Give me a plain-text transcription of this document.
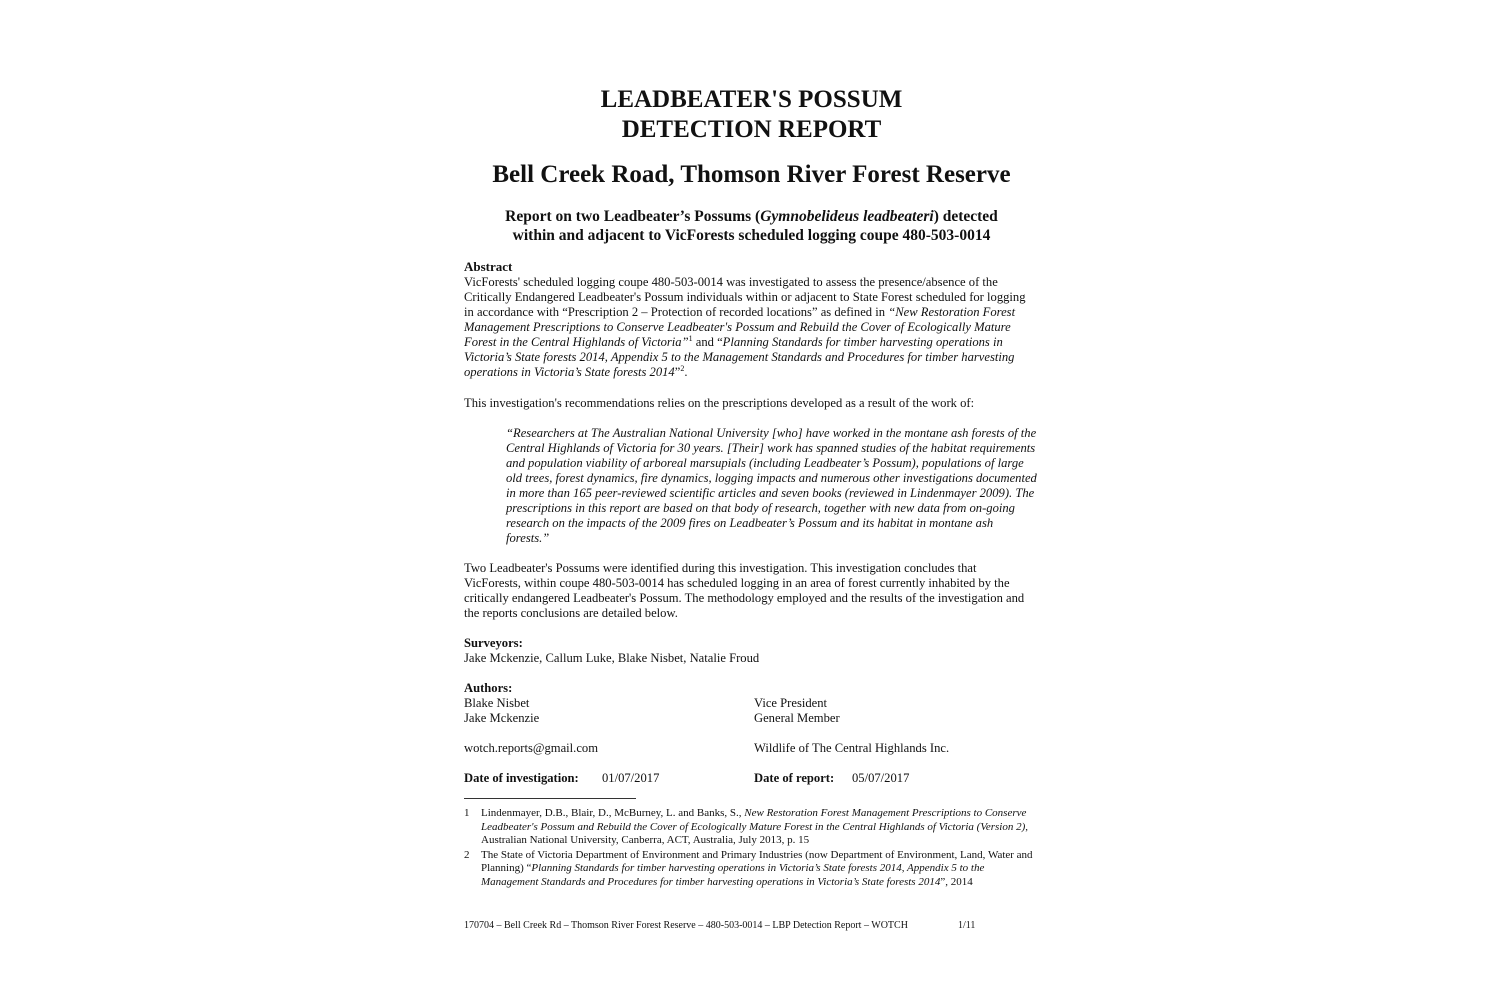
LEADBEATER'S POSSUM
DETECTION REPORT
Bell Creek Road, Thomson River Forest Reserve
Report on two Leadbeater’s Possums (Gymnobelideus leadbeateri) detected
within and adjacent to VicForests scheduled logging coupe 480-503-0014
Abstract

VicForests' scheduled logging coupe 480-503-0014 was investigated to assess the presence/absence of the Critically Endangered Leadbeater's Possum individuals within or adjacent to State Forest scheduled for logging in accordance with “Prescription 2 – Protection of recorded locations” as defined in “New Restoration Forest Management Prescriptions to Conserve Leadbeater's Possum and Rebuild the Cover of Ecologically Mature Forest in the Central Highlands of Victoria”$^1$ and “Planning Standards for timber harvesting operations in Victoria’s State forests 2014, Appendix 5 to the Management Standards and Procedures for timber harvesting operations in Victoria’s State forests 2014”$^2$.

This investigation's recommendations relies on the prescriptions developed as a result of the work of:

“Researchers at The Australian National University [who] have worked in the montane ash forests of the Central Highlands of Victoria for 30 years. [Their] work has spanned studies of the habitat requirements and population viability of arboreal marsupials (including Leadbeater’s Possum), populations of large old trees, forest dynamics, fire dynamics, logging impacts and numerous other investigations documented in more than 165 peer-reviewed scientific articles and seven books (reviewed in Lindenmayer 2009). The prescriptions in this report are based on that body of research, together with new data from on-going research on the impacts of the 2009 fires on Leadbeater’s Possum and its habitat in montane ash forests.”

Two Leadbeater's Possums were identified during this investigation. This investigation concludes that VicForests, within coupe 480-503-0014 has scheduled logging in an area of forest currently inhabited by the critically endangered Leadbeater's Possum. The methodology employed and the results of the investigation and the reports conclusions are detailed below.

Surveyors:
Jake Mckenzie, Callum Luke, Blake Nisbet, Natalie Froud
Authors:
Blake Nisbet	Vice President
Jake Mckenzie	General Member
wotch.reports@gmail.com	Wildlife of The Central Highlands Inc.
Date of investigation: 01/07/2017	Date of report: 05/07/2017

1 Lindenmayer, D.B., Blair, D., McBurney, L. and Banks, S., New Restoration Forest Management Prescriptions to Conserve Leadbeater's Possum and Rebuild the Cover of Ecologically Mature Forest in the Central Highlands of Victoria (Version 2), Australian National University, Canberra, ACT, Australia, July 2013, p. 15

2 The State of Victoria Department of Environment and Primary Industries (now Department of Environment, Land, Water and Planning) “Planning Standards for timber harvesting operations in Victoria’s State forests 2014, Appendix 5 to the Management Standards and Procedures for timber harvesting operations in Victoria’s State forests 2014”, 2014

170704 – Bell Creek Rd – Thomson River Forest Reserve – 480-503-0014 – LBP Detection Report – WOTCH	1/11
